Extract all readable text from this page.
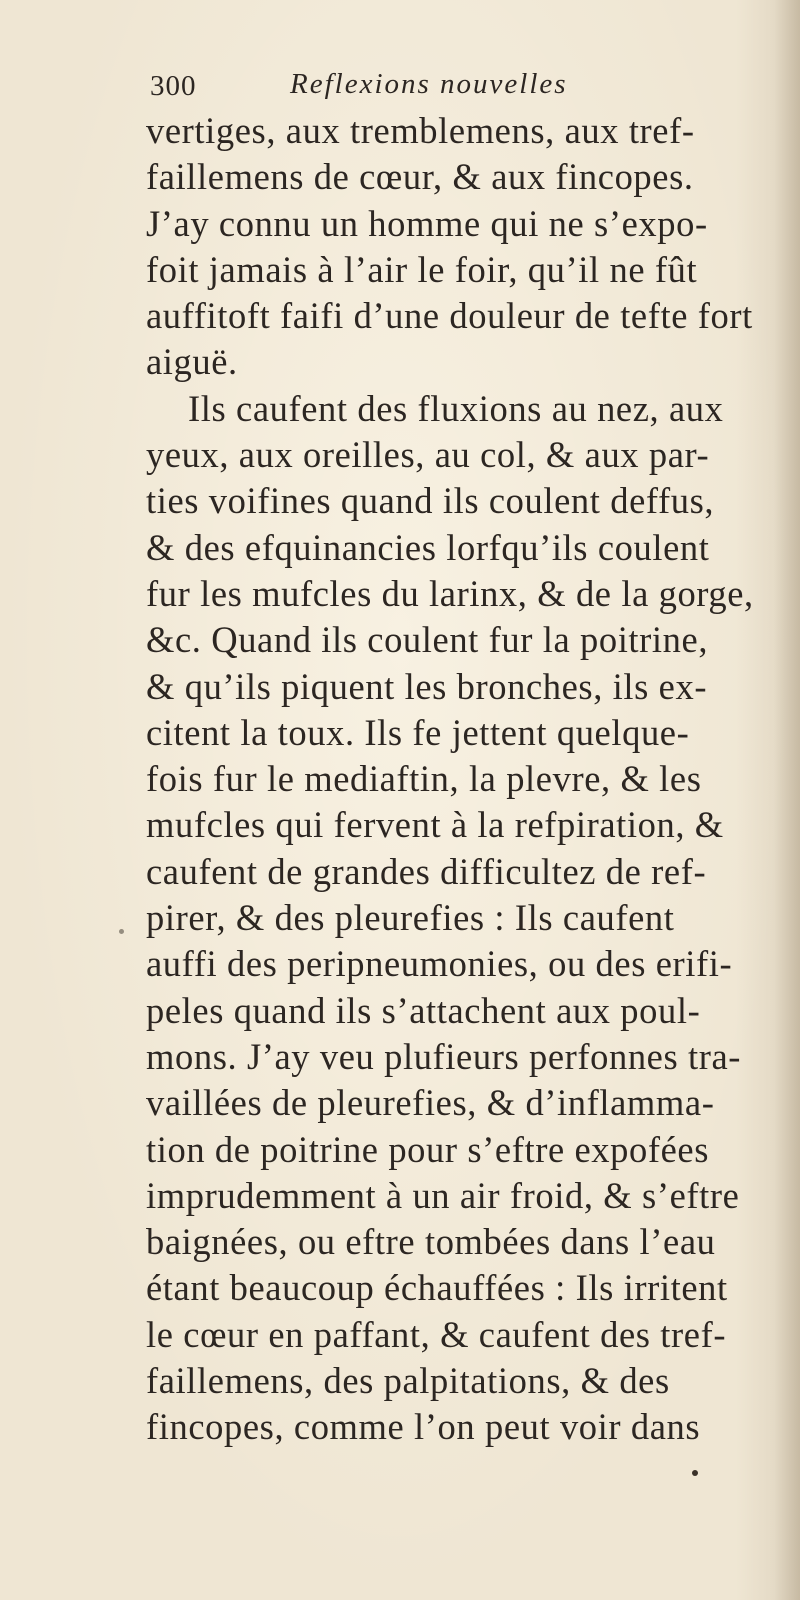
300	Reflexions nouvelles
vertiges, aux tremblemens, aux tref-
faillemens de cœur, & aux fincopes.
J’ay connu un homme qui ne s’expo-
foit jamais à l’air le foir, qu’il ne fût
auffitoft faifi d’une douleur de tefte fort
aiguë.
Ils caufent des fluxions au nez, aux
yeux, aux oreilles, au col, & aux par-
ties voifines quand ils coulent deffus,
& des efquinancies lorfqu’ils coulent
fur les mufcles du larinx, & de la gorge,
&c. Quand ils coulent fur la poitrine,
& qu’ils piquent les bronches, ils ex-
citent la toux. Ils fe jettent quelque-
fois fur le mediaftin, la plevre, & les
mufcles qui fervent à la refpiration, &
caufent de grandes difficultez de ref-
pirer, & des pleurefies : Ils caufent
auffi des peripneumonies, ou des erifi-
peles quand ils s’attachent aux poul-
mons. J’ay veu plufieurs perfonnes tra-
vaillées de pleurefies, & d’inflamma-
tion de poitrine pour s’eftre expofées
imprudemment à un air froid, & s’eftre
baignées, ou eftre tombées dans l’eau
étant beaucoup échauffées : Ils irritent
le cœur en paffant, & caufent des tref-
faillemens, des palpitations, & des
fincopes, comme l’on peut voir dans
